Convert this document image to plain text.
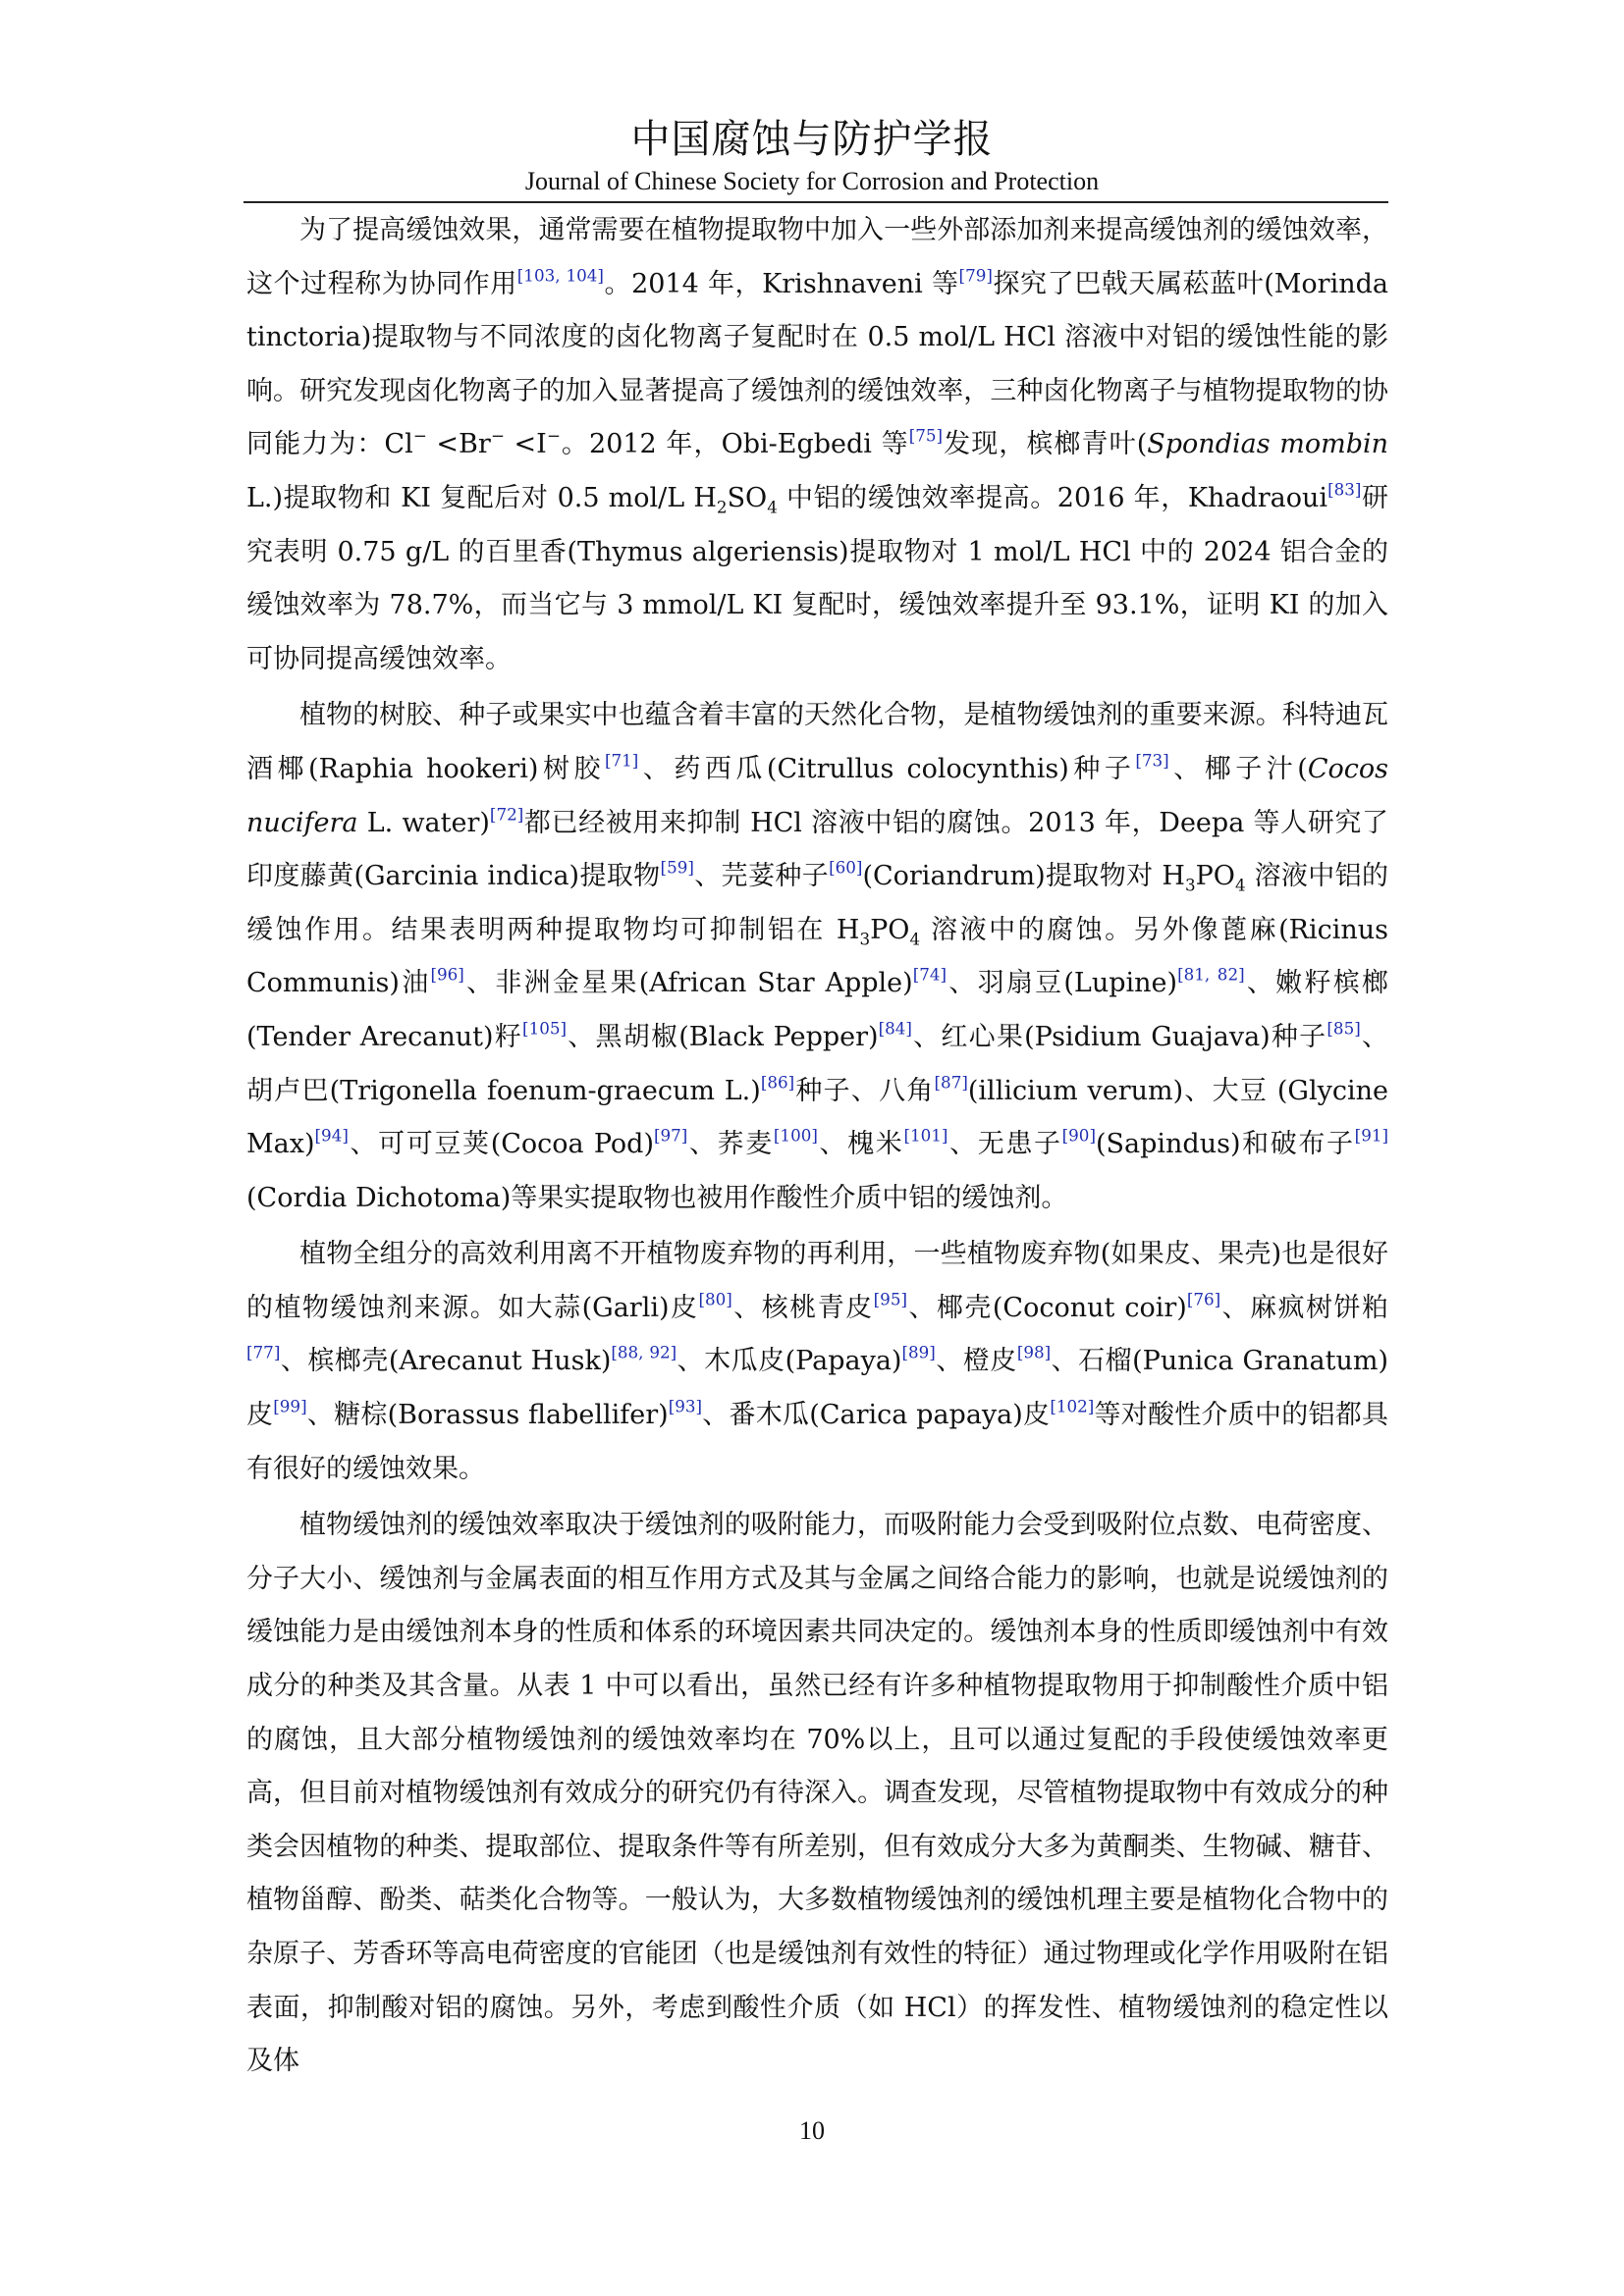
中国腐蚀与防护学报
Journal of Chinese Society for Corrosion and Protection

为了提高缓蚀效果，通常需要在植物提取物中加入一些外部添加剂来提高缓蚀剂的缓蚀效率，这个过程称为协同作用[103, 104]。2014 年，Krishnaveni 等[79]探究了巴戟天属菘蓝叶(Morinda tinctoria)提取物与不同浓度的卤化物离子复配时在 0.5 mol/L HCl 溶液中对铝的缓蚀性能的影响。研究发现卤化物离子的加入显著提高了缓蚀剂的缓蚀效率，三种卤化物离子与植物提取物的协同能力为：Cl− <Br− <I−。2012 年，Obi-Egbedi 等[75]发现，槟榔青叶(Spondias mombin L.)提取物和 KI 复配后对 0.5 mol/L $H_2SO_4$ 中铝的缓蚀效率提高。2016 年，Khadraoui[83]研究表明 0.75 g/L 的百里香(Thymus algeriensis)提取物对 1 mol/L HCl 中的 2024 铝合金的缓蚀效率为 78.7%，而当它与 3 mmol/L KI 复配时，缓蚀效率提升至 93.1%，证明 KI 的加入可协同提高缓蚀效率。

植物的树胶、种子或果实中也蕴含着丰富的天然化合物，是植物缓蚀剂的重要来源。科特迪瓦酒椰(Raphia hookeri)树胶[71]、药西瓜(Citrullus colocynthis)种子[73]、椰子汁(Cocos nucifera L. water)[72]都已经被用来抑制 HCl 溶液中铝的腐蚀。2013 年，Deepa 等人研究了印度藤黄(Garcinia indica)提取物[59]、芫荽种子[60](Coriandrum)提取物对 $H_3PO_4$ 溶液中铝的缓蚀作用。结果表明两种提取物均可抑制铝在 $H_3PO_4$ 溶液中的腐蚀。另外像蓖麻(Ricinus Communis)油[96]、非洲金星果(African Star Apple)[74]、羽扇豆(Lupine)[81, 82]、嫩籽槟榔(Tender Arecanut)籽[105]、黑胡椒(Black Pepper)[84]、红心果(Psidium Guajava)种子[85]、胡卢巴(Trigonella foenum-graecum L.)[86]种子、八角[87](illicium verum)、大豆 (Glycine Max)[94]、可可豆荚(Cocoa Pod)[97]、荞麦[100]、槐米[101]、无患子[90](Sapindus)和破布子[91](Cordia Dichotoma)等果实提取物也被用作酸性介质中铝的缓蚀剂。

植物全组分的高效利用离不开植物废弃物的再利用，一些植物废弃物(如果皮、果壳)也是很好的植物缓蚀剂来源。如大蒜(Garli)皮[80]、核桃青皮[95]、椰壳(Coconut coir)[76]、麻疯树饼粕[77]、槟榔壳(Arecanut Husk)[88, 92]、木瓜皮(Papaya)[89]、橙皮[98]、石榴(Punica Granatum)皮[99]、糖棕(Borassus flabellifer)[93]、番木瓜(Carica papaya)皮[102]等对酸性介质中的铝都具有很好的缓蚀效果。

植物缓蚀剂的缓蚀效率取决于缓蚀剂的吸附能力，而吸附能力会受到吸附位点数、电荷密度、分子大小、缓蚀剂与金属表面的相互作用方式及其与金属之间络合能力的影响，也就是说缓蚀剂的缓蚀能力是由缓蚀剂本身的性质和体系的环境因素共同决定的。缓蚀剂本身的性质即缓蚀剂中有效成分的种类及其含量。从表 1 中可以看出，虽然已经有许多种植物提取物用于抑制酸性介质中铝的腐蚀，且大部分植物缓蚀剂的缓蚀效率均在 70%以上，且可以通过复配的手段使缓蚀效率更高，但目前对植物缓蚀剂有效成分的研究仍有待深入。调查发现，尽管植物提取物中有效成分的种类会因植物的种类、提取部位、提取条件等有所差别，但有效成分大多为黄酮类、生物碱、糖苷、植物甾醇、酚类、萜类化合物等。一般认为，大多数植物缓蚀剂的缓蚀机理主要是植物化合物中的杂原子、芳香环等高电荷密度的官能团（也是缓蚀剂有效性的特征）通过物理或化学作用吸附在铝表面，抑制酸对铝的腐蚀。另外，考虑到酸性介质（如 HCl）的挥发性、植物缓蚀剂的稳定性以及体

10
